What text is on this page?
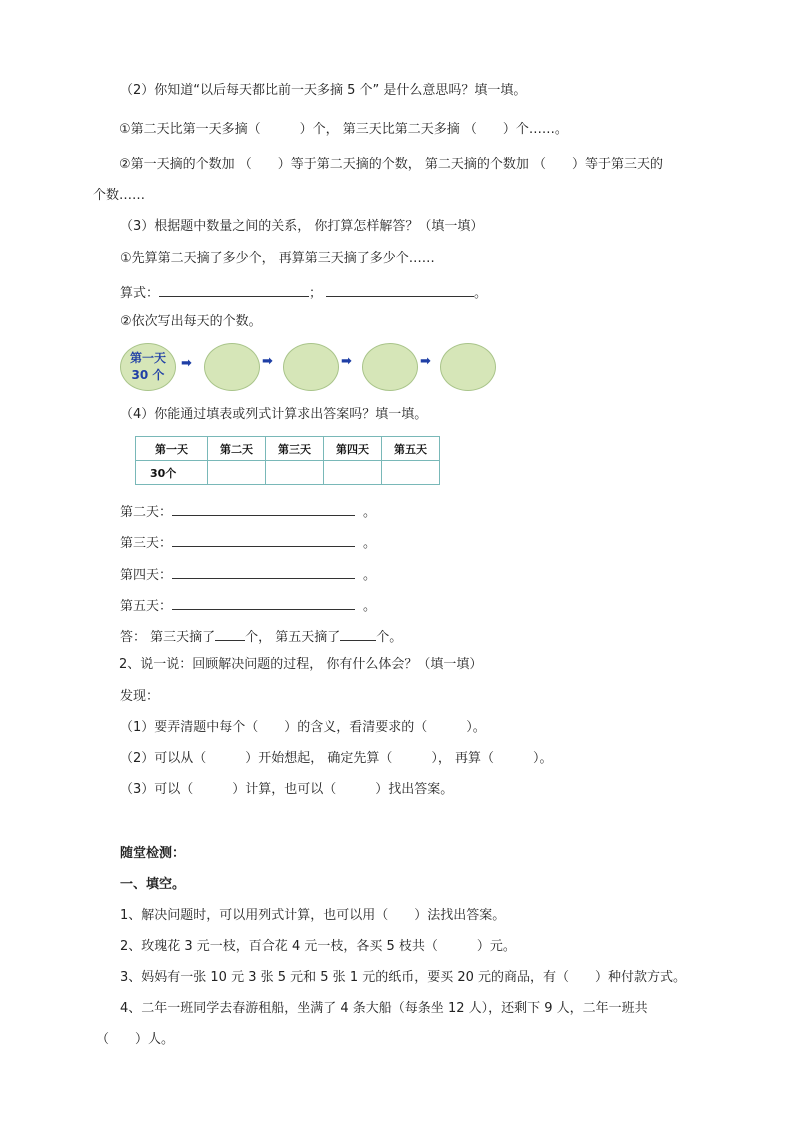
（2）你知道“以后每天都比前一天多摘 5 个” 是什么意思吗？填一填。
①第二天比第一天多摘（　　　）个， 第三天比第二天多摘 （　　）个……。
②第一天摘的个数加 （　　）等于第二天摘的个数， 第二天摘的个数加 （　　）等于第三天的
个数……
（3）根据题中数量之间的关系， 你打算怎样解答？（填一填）
①先算第二天摘了多少个， 再算第三天摘了多少个……
算式：	；	。
②依次写出每天的个数。
第一天
30 个
➡	➡	➡	➡
（4）你能通过填表或列式计算求出答案吗？填一填。
第一天	第二天	第三天	第四天	第五天
30个				
第二天：	。
第三天：	。
第四天：	。
第五天：	。
答： 第三天摘了 个， 第五天摘了	个。
2、说一说：回顾解决问题的过程， 你有什么体会？（填一填）
发现：
（1）要弄清题中每个（　　）的含义，看清要求的（　　　）。
（2）可以从（　　　）开始想起， 确定先算（　　　）， 再算（　　　）。
（3）可以（　　　）计算，也可以（　　　）找出答案。
随堂检测：
一、填空。
1、解决问题时，可以用列式计算，也可以用（　　）法找出答案。
2、玫瑰花 3 元一枝，百合花 4 元一枝，各买 5 枝共（　　　）元。
3、妈妈有一张 10 元 3 张 5 元和 5 张 1 元的纸币，要买 20 元的商品，有（　　）种付款方式。
4、二年一班同学去春游租船，坐满了 4 条大船（每条坐 12 人），还剩下 9 人，二年一班共
（　　）人。
